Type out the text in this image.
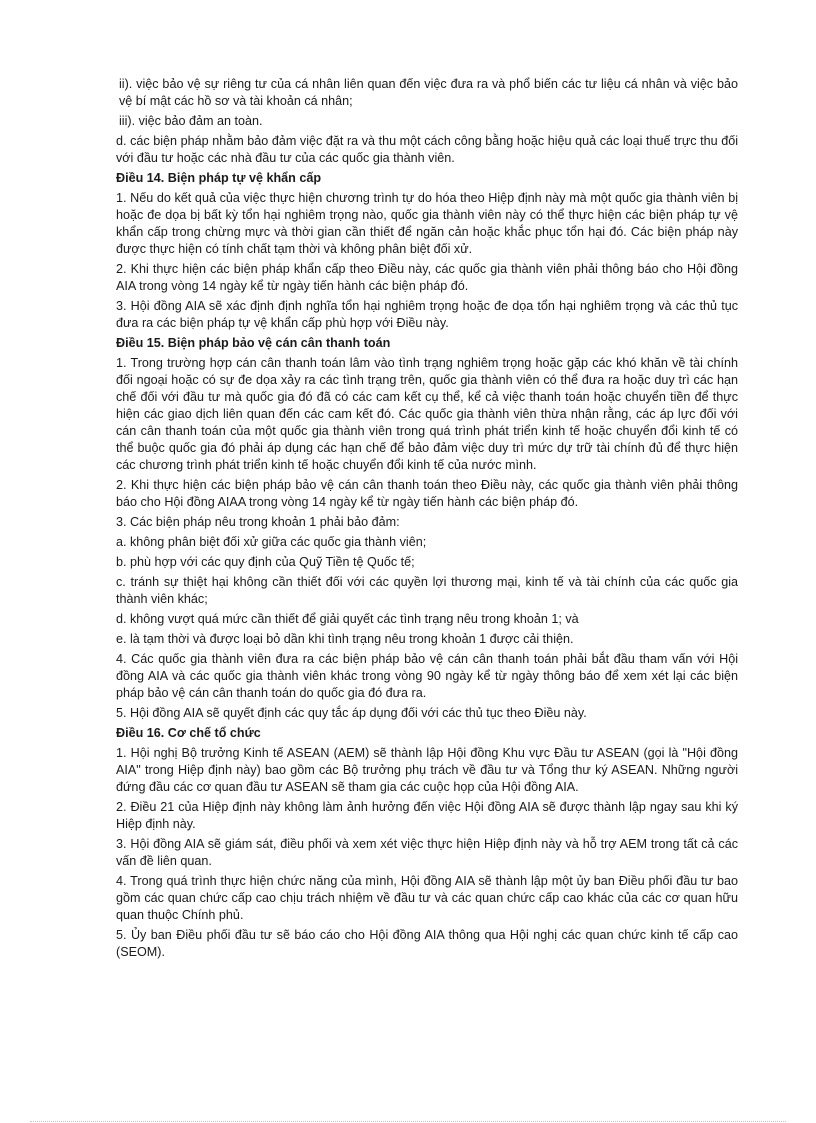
ii). việc bảo vệ sự riêng tư của cá nhân liên quan đến việc đưa ra và phổ biến các tư liệu cá nhân và việc bảo vệ bí mật các hồ sơ và tài khoản cá nhân;

iii). việc bảo đảm an toàn.

d. các biện pháp nhằm bảo đảm việc đặt ra và thu một cách công bằng hoặc hiệu quả các loại thuế trực thu đối với đầu tư hoặc các nhà đầu tư của các quốc gia thành viên.

Điều 14. Biện pháp tự vệ khẩn cấp

1. Nếu do kết quả của việc thực hiện chương trình tự do hóa theo Hiệp định này mà một quốc gia thành viên bị hoặc đe dọa bị bất kỳ tổn hại nghiêm trọng nào, quốc gia thành viên này có thể thực hiện các biện pháp tự vệ khẩn cấp trong chừng mực và thời gian cần thiết để ngăn cản hoặc khắc phục tổn hại đó. Các biện pháp này được thực hiện có tính chất tạm thời và không phân biệt đối xử.

2. Khi thực hiện các biện pháp khẩn cấp theo Điều này, các quốc gia thành viên phải thông báo cho Hội đồng AIA trong vòng 14 ngày kể từ ngày tiến hành các biện pháp đó.

3. Hội đồng AIA sẽ xác định định nghĩa tổn hại nghiêm trọng hoặc đe dọa tổn hại nghiêm trọng và các thủ tục đưa ra các biện pháp tự vệ khẩn cấp phù hợp với Điều này.

Điều 15. Biện pháp bảo vệ cán cân thanh toán

1. Trong trường hợp cán cân thanh toán lâm vào tình trạng nghiêm trọng hoặc gặp các khó khăn về tài chính đối ngoại hoặc có sự đe dọa xảy ra các tình trạng trên, quốc gia thành viên có thể đưa ra hoặc duy trì các hạn chế đối với đầu tư mà quốc gia đó đã có các cam kết cụ thể, kể cả việc thanh toán hoặc chuyển tiền để thực hiện các giao dịch liên quan đến các cam kết đó. Các quốc gia thành viên thừa nhận rằng, các áp lực đối với cán cân thanh toán của một quốc gia thành viên trong quá trình phát triển kinh tế hoặc chuyển đổi kinh tế có thể buộc quốc gia đó phải áp dụng các hạn chế để bảo đảm việc duy trì mức dự trữ tài chính đủ để thực hiện các chương trình phát triển kinh tế hoặc chuyển đổi kinh tế của nước mình.

2. Khi thực hiện các biện pháp bảo vệ cán cân thanh toán theo Điều này, các quốc gia thành viên phải thông báo cho Hội đồng AIAA trong vòng 14 ngày kể từ ngày tiến hành các biện pháp đó.

3. Các biện pháp nêu trong khoản 1 phải bảo đảm:

a. không phân biệt đối xử giữa các quốc gia thành viên;

b. phù hợp với các quy định của Quỹ Tiền tệ Quốc tế;

c. tránh sự thiệt hại không cần thiết đối với các quyền lợi thương mại, kinh tế và tài chính của các quốc gia thành viên khác;

d. không vượt quá mức cần thiết để giải quyết các tình trạng nêu trong khoản 1; và

e. là tạm thời và được loại bỏ dần khi tình trạng nêu trong khoản 1 được cải thiện.

4. Các quốc gia thành viên đưa ra các biện pháp bảo vệ cán cân thanh toán phải bắt đầu tham vấn với Hội đồng AIA và các quốc gia thành viên khác trong vòng 90 ngày kể từ ngày thông báo để xem xét lại các biện pháp bảo vệ cán cân thanh toán do quốc gia đó đưa ra.

5. Hội đồng AIA sẽ quyết định các quy tắc áp dụng đối với các thủ tục theo Điều này.

Điều 16. Cơ chế tổ chức

1. Hội nghị Bộ trưởng Kinh tế ASEAN (AEM) sẽ thành lập Hội đồng Khu vực Đầu tư ASEAN (gọi là "Hội đồng AIA" trong Hiệp định này) bao gồm các Bộ trưởng phụ trách về đầu tư và Tổng thư ký ASEAN. Những người đứng đầu các cơ quan đầu tư ASEAN sẽ tham gia các cuộc họp của Hội đồng AIA.

2. Điều 21 của Hiệp định này không làm ảnh hưởng đến việc Hội đồng AIA sẽ được thành lập ngay sau khi ký Hiệp định này.

3. Hội đồng AIA sẽ giám sát, điều phối và xem xét việc thực hiện Hiệp định này và hỗ trợ AEM trong tất cả các vấn đề liên quan.

4. Trong quá trình thực hiện chức năng của mình, Hội đồng AIA sẽ thành lập một ủy ban Điều phối đầu tư bao gồm các quan chức cấp cao chịu trách nhiệm về đầu tư và các quan chức cấp cao khác của các cơ quan hữu quan thuộc Chính phủ.

5. Ủy ban Điều phối đầu tư sẽ báo cáo cho Hội đồng AIA thông qua Hội nghị các quan chức kinh tế cấp cao (SEOM).
